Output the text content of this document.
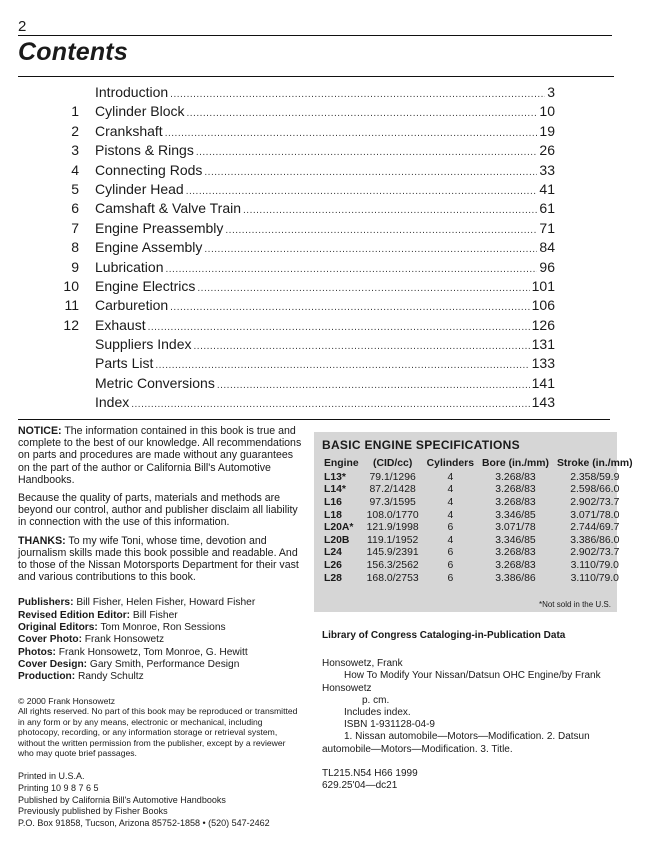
2
Contents
Introduction .....	3
1 Cylinder Block .....	10
2 Crankshaft .....	19
3 Pistons & Rings .....	26
4 Connecting Rods .....	33
5 Cylinder Head .....	41
6 Camshaft & Valve Train .....	61
7 Engine Preassembly .....	71
8 Engine Assembly .....	84
9 Lubrication .....	96
10 Engine Electrics .....	101
11 Carburetion .....	106
12 Exhaust .....	126
Suppliers Index .....	131
Parts List .....	133
Metric Conversions .....	141
Index .....	143

NOTICE: The information contained in this book is true and complete to the best of our knowledge. All recommendations on parts and procedures are made without any guarantees on the part of the author or California Bill's Automotive Handbooks.

Because the quality of parts, materials and methods are beyond our control, author and publisher disclaim all liability in connection with the use of this information.

THANKS: To my wife Toni, whose time, devotion and journalism skills made this book possible and readable. And to those of the Nissan Motorsports Department for their vast and various contributions to this book.

Publishers: Bill Fisher, Helen Fisher, Howard Fisher
Revised Edition Editor: Bill Fisher
Original Editors: Tom Monroe, Ron Sessions
Cover Photo: Frank Honsowetz
Photos: Frank Honsowetz, Tom Monroe, G. Hewitt
Cover Design: Gary Smith, Performance Design
Production: Randy Schultz
© 2000 Frank Honsowetz
All rights reserved. No part of this book may be reproduced or transmitted in any form or by any means, electronic or mechanical, including photocopy, recording, or any information storage or retrieval system, without the written permission from the publisher, except by a reviewer who may quote brief passages.
Printed in U.S.A.
Printing 10 9 8 7 6 5
Published by California Bill's Automotive Handbooks
Previously published by Fisher Books
P.O. Box 91858, Tucson, Arizona 85752-1858 • (520) 547-2462
BASIC ENGINE SPECIFICATIONS
Engine	(CID/cc)	Cylinders	Bore (in./mm)	Stroke (in./mm)
L13*	79.1/1296	4	3.268/83	2.358/59.9
L14*	87.2/1428	4	3.268/83	2.598/66.0
L16	97.3/1595	4	3.268/83	2.902/73.7
L18	108.0/1770	4	3.346/85	3.071/78.0
L20A*	121.9/1998	6	3.071/78	2.744/69.7
L20B	119.1/1952	4	3.346/85	3.386/86.0
L24	145.9/2391	6	3.268/83	2.902/73.7
L26	156.3/2562	6	3.268/83	3.110/79.0
L28	168.0/2753	6	3.386/86	3.110/79.0
*Not sold in the U.S.
Library of Congress Cataloging-in-Publication Data
Honsowetz, Frank
How To Modify Your Nissan/Datsun OHC Engine/by Frank
Honsowetz
p. cm.
Includes index.
ISBN 1-931128-04-9
1. Nissan automobile—Motors—Modification. 2. Datsun
automobile—Motors—Modification. 3. Title.
TL215.N54 H66 1999
629.25'04—dc21
